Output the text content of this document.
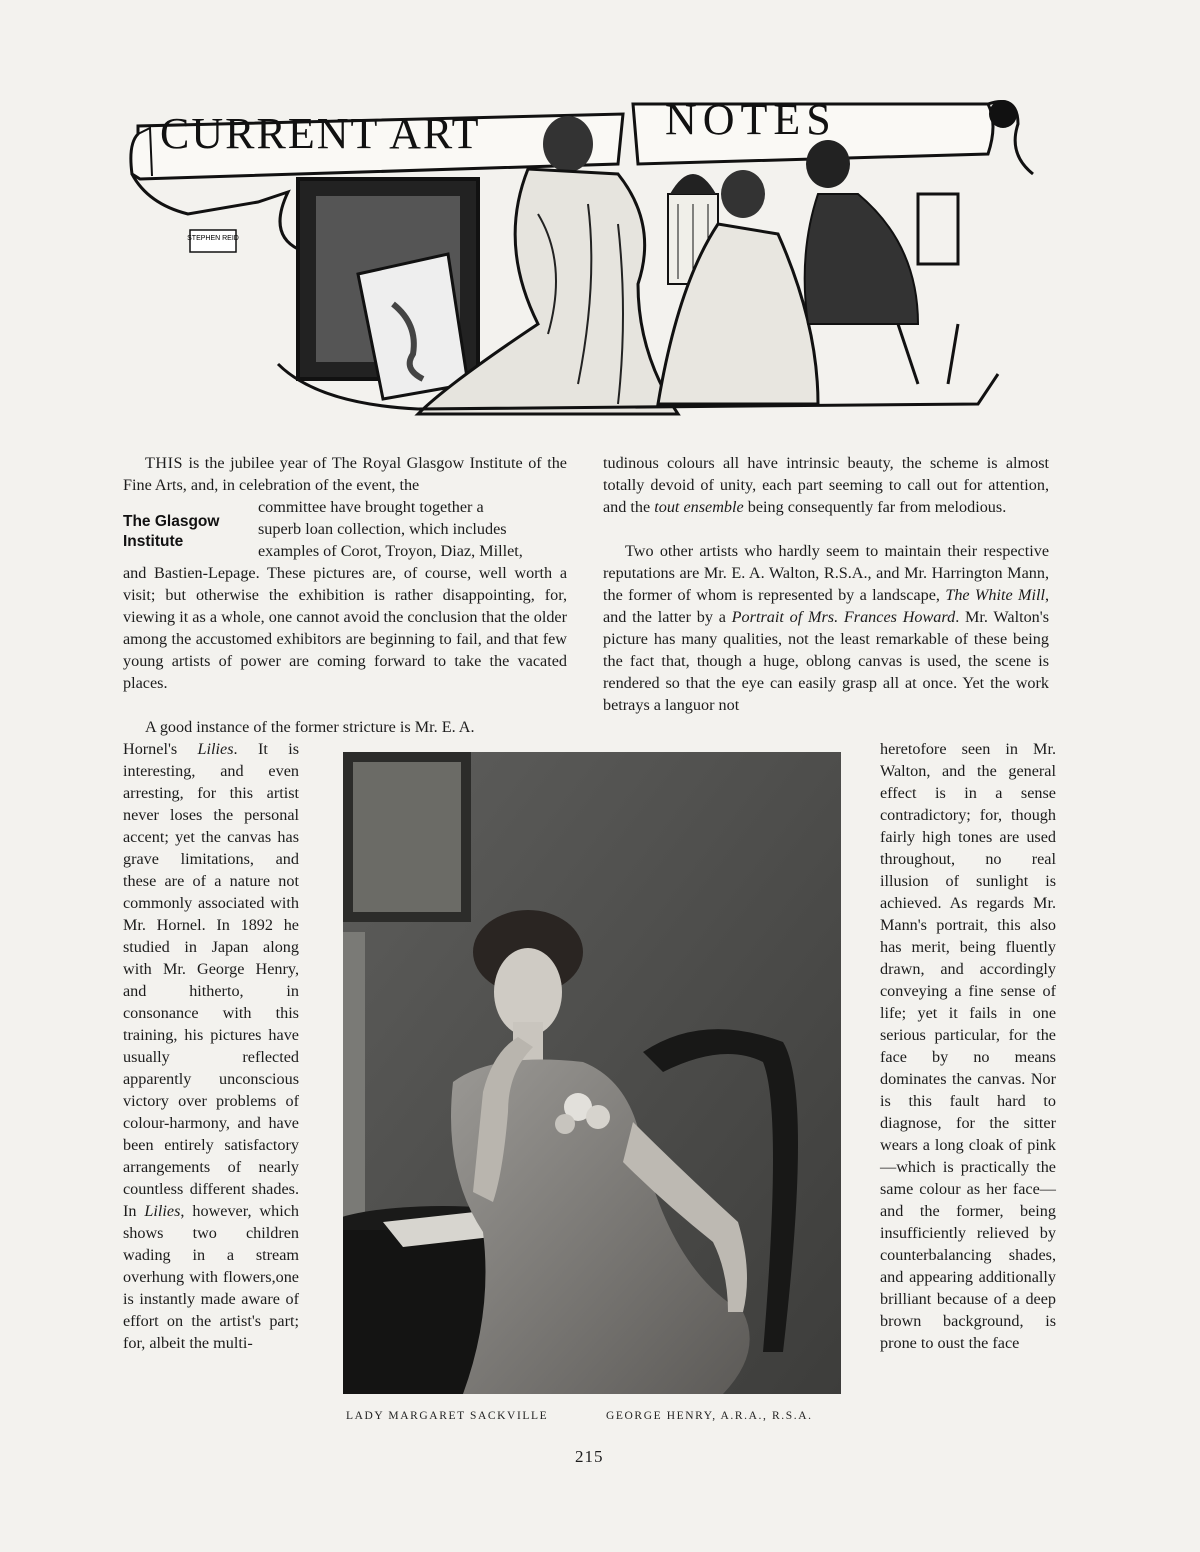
STEPHEN REID
CURRENT ART	NOTES

THIS is the jubilee year of The Royal Glasgow Institute of the Fine Arts, and, in celebration of the event, the

The Glasgow
Institute

committee have brought together a

superb loan collection, which includes

examples of Corot, Troyon, Diaz, Millet,

and Bastien-Lepage. These pictures are, of course, well worth a visit; but otherwise the exhibition is rather disappointing, for, viewing it as a whole, one cannot avoid the conclusion that the older among the accustomed exhibitors are beginning to fail, and that few young artists of power are coming forward to take the vacated places.

A good instance of the former stricture is Mr. E. A.

Hornel's Lilies. It is interesting, and even arresting, for this artist never loses the personal accent; yet the canvas has grave limitations, and these are of a nature not commonly associated with Mr. Hornel. In 1892 he studied in Japan along with Mr. George Henry, and hitherto, in consonance with this training, his pictures have usually reflected apparently unconscious victory over problems of colour-harmony, and have been entirely satisfactory arrangements of nearly countless different shades. In Lilies, however, which shows two children wading in a stream overhung with flowers,one is instantly made aware of effort on the artist's part; for, albeit the multi-

tudinous colours all have intrinsic beauty, the scheme is almost totally devoid of unity, each part seeming to call out for attention, and the tout ensemble being consequently far from melodious.

Two other artists who hardly seem to maintain their respective reputations are Mr. E. A. Walton, R.S.A., and Mr. Harrington Mann, the former of whom is represented by a landscape, The White Mill, and the latter by a Portrait of Mrs. Frances Howard. Mr. Walton's picture has many qualities, not the least remarkable of these being the fact that, though a huge, oblong canvas is used, the scene is rendered so that the eye can easily grasp all at once. Yet the work betrays a languor not

heretofore seen in Mr. Walton, and the general effect is in a sense contradictory; for, though fairly high tones are used throughout, no real illusion of sunlight is achieved. As regards Mr. Mann's portrait, this also has merit, being fluently drawn, and accordingly conveying a fine sense of life; yet it fails in one serious particular, for the face by no means dominates the canvas. Nor is this fault hard to diagnose, for the sitter wears a long cloak of pink—which is practically the same colour as her face—and the former, being insufficiently relieved by counterbalancing shades, and appearing additionally brilliant because of a deep brown background, is prone to oust the face

LADY MARGARET SACKVILLE	GEORGE HENRY, A.R.A., R.S.A.
215
